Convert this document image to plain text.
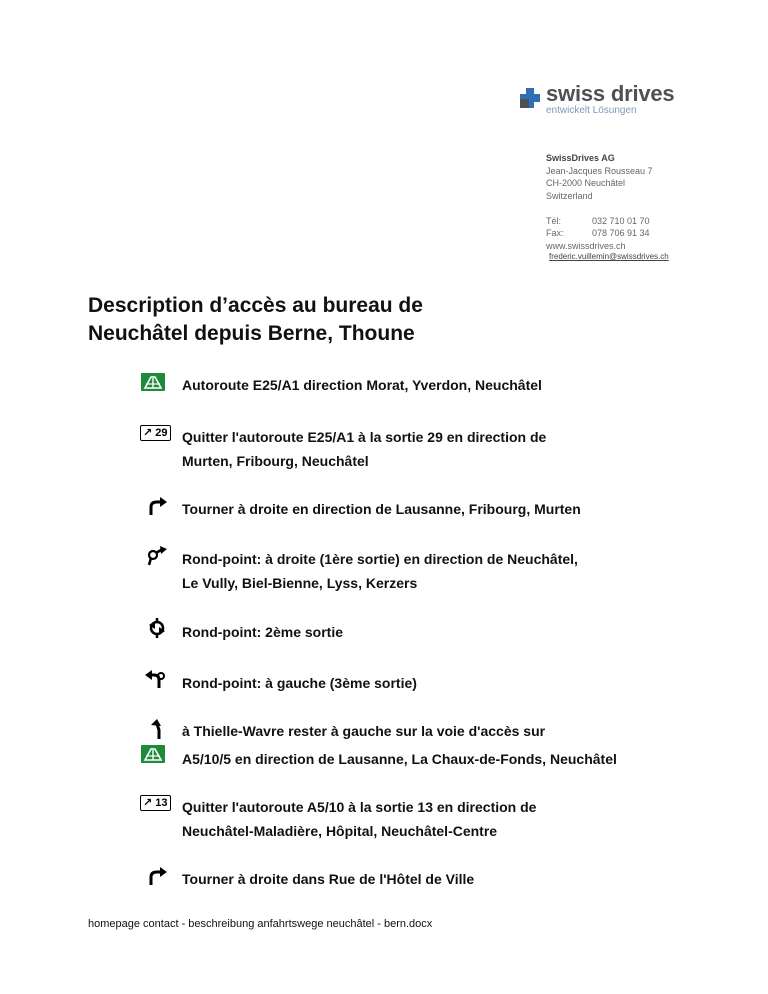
swiss drives
entwickelt Lösungen
SwissDrives AG
Jean-Jacques Rousseau 7
CH-2000 Neuchâtel
Switzerland

Tél:	032 710 01 70
Fax:	078 706 91 34
www.swissdrives.ch
frederic.vuillemin@swissdrives.ch
Description d’accès au bureau de
Neuchâtel depuis Berne, Thoune
↗ 29
↗ 13
Autoroute E25/A1 direction Morat, Yverdon, Neuchâtel
Quitter l'autoroute E25/A1 à la sortie 29 en direction de
Murten, Fribourg, Neuchâtel
Tourner à droite en direction de Lausanne, Fribourg, Murten
Rond-point: à droite (1ère sortie) en direction de Neuchâtel,
Le Vully, Biel-Bienne, Lyss, Kerzers
Rond-point: 2ème sortie
Rond-point: à gauche (3ème sortie)
à Thielle-Wavre rester à gauche sur la voie d'accès sur
A5/10/5 en direction de Lausanne, La Chaux-de-Fonds, Neuchâtel
Quitter l'autoroute A5/10 à la sortie 13 en direction de
Neuchâtel-Maladière, Hôpital, Neuchâtel-Centre
Tourner à droite dans Rue de l'Hôtel de Ville
homepage contact - beschreibung anfahrtswege neuchâtel - bern.docx
